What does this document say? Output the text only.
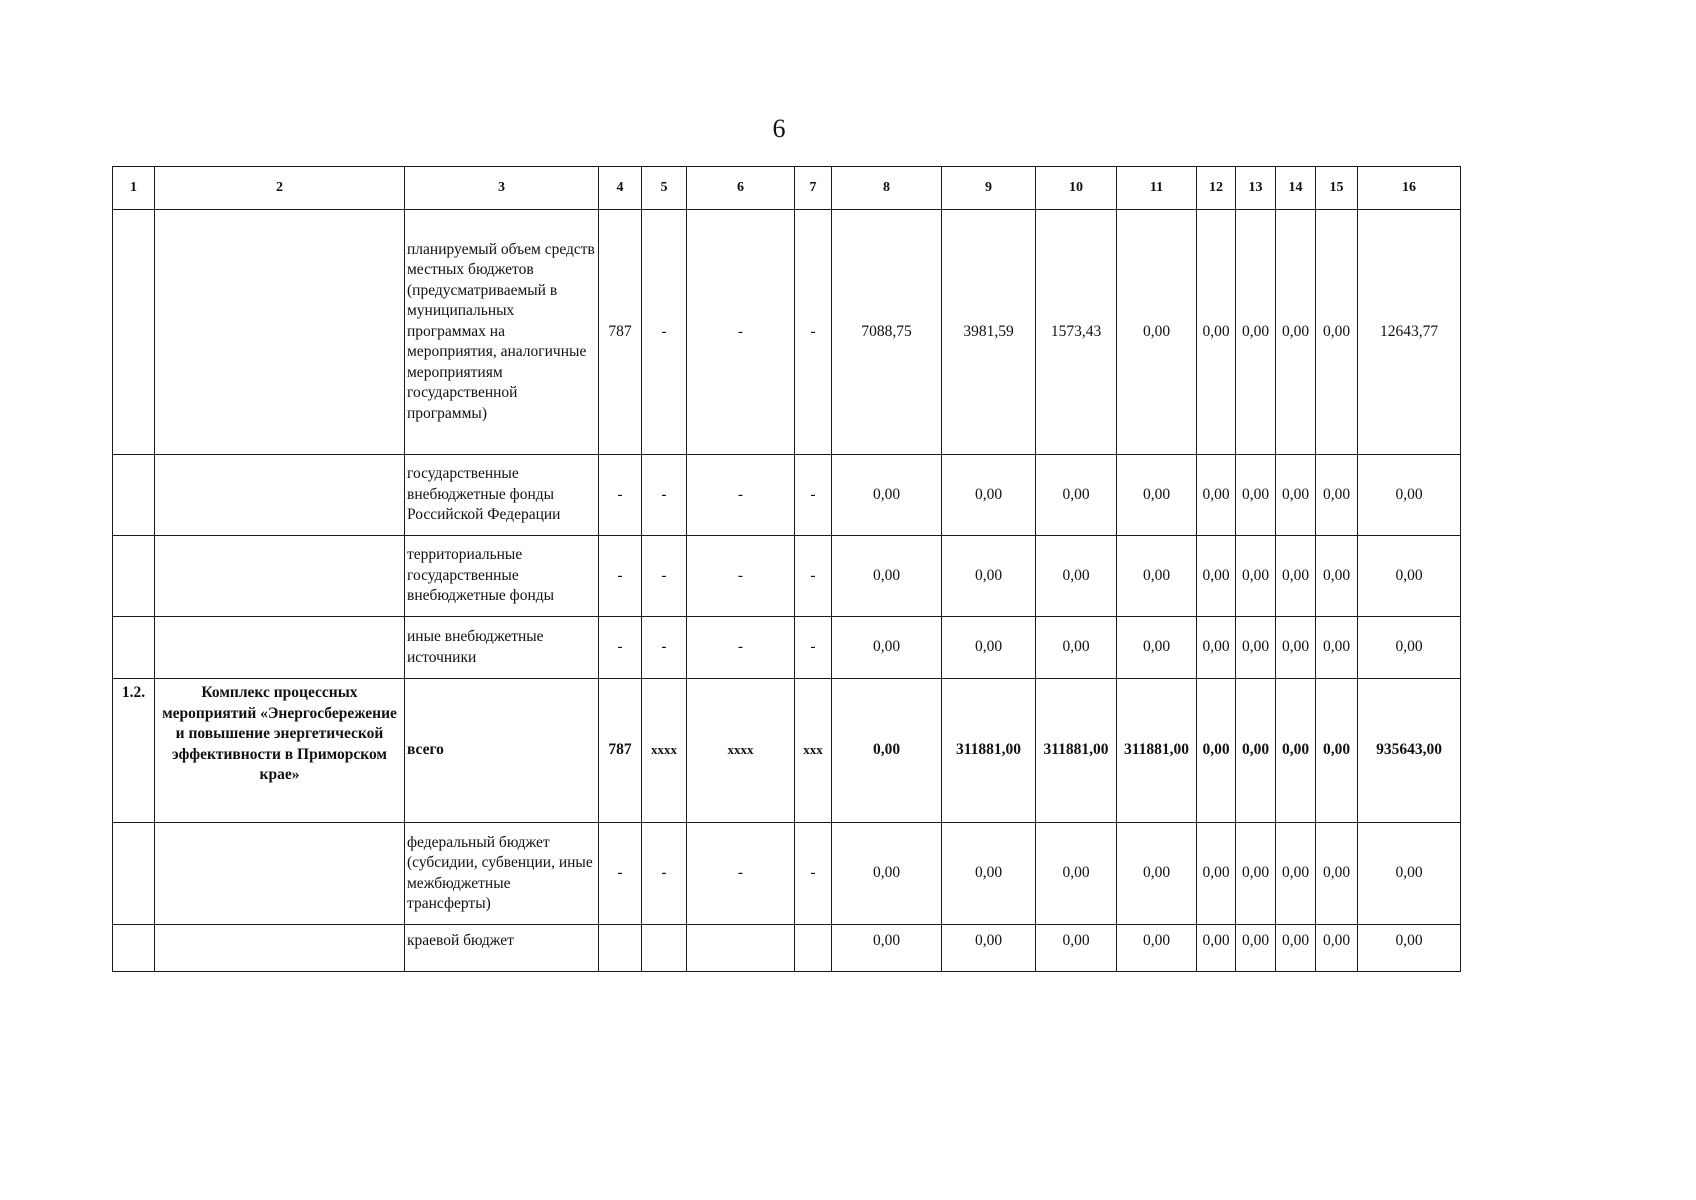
6
1	2	3	4	5	6	7	8	9	10	11	12	13	14	15	16
		планируемый объем средств местных бюджетов (предусматриваемый в муниципальных программах на мероприятия, аналогичные мероприятиям государственной программы)	787	-	-	-	7088,75	3981,59	1573,43	0,00	0,00	0,00	0,00	0,00	12643,77
		государственные внебюджетные фонды Российской Федерации	-	-	-	-	0,00	0,00	0,00	0,00	0,00	0,00	0,00	0,00	0,00
		территориальные государственные внебюджетные фонды	-	-	-	-	0,00	0,00	0,00	0,00	0,00	0,00	0,00	0,00	0,00
		иные внебюджетные источники	-	-	-	-	0,00	0,00	0,00	0,00	0,00	0,00	0,00	0,00	0,00
1.2.	Комплекс процессных мероприятий «Энергосбережение и повышение энергетической эффективности в Приморском крае»	всего	787	xxxx	xxxx	xxx	0,00	311881,00	311881,00	311881,00	0,00	0,00	0,00	0,00	935643,00
		федеральный бюджет (субсидии, субвенции, иные межбюджетные трансферты)	-	-	-	-	0,00	0,00	0,00	0,00	0,00	0,00	0,00	0,00	0,00
		краевой бюджет					0,00	0,00	0,00	0,00	0,00	0,00	0,00	0,00	0,00
